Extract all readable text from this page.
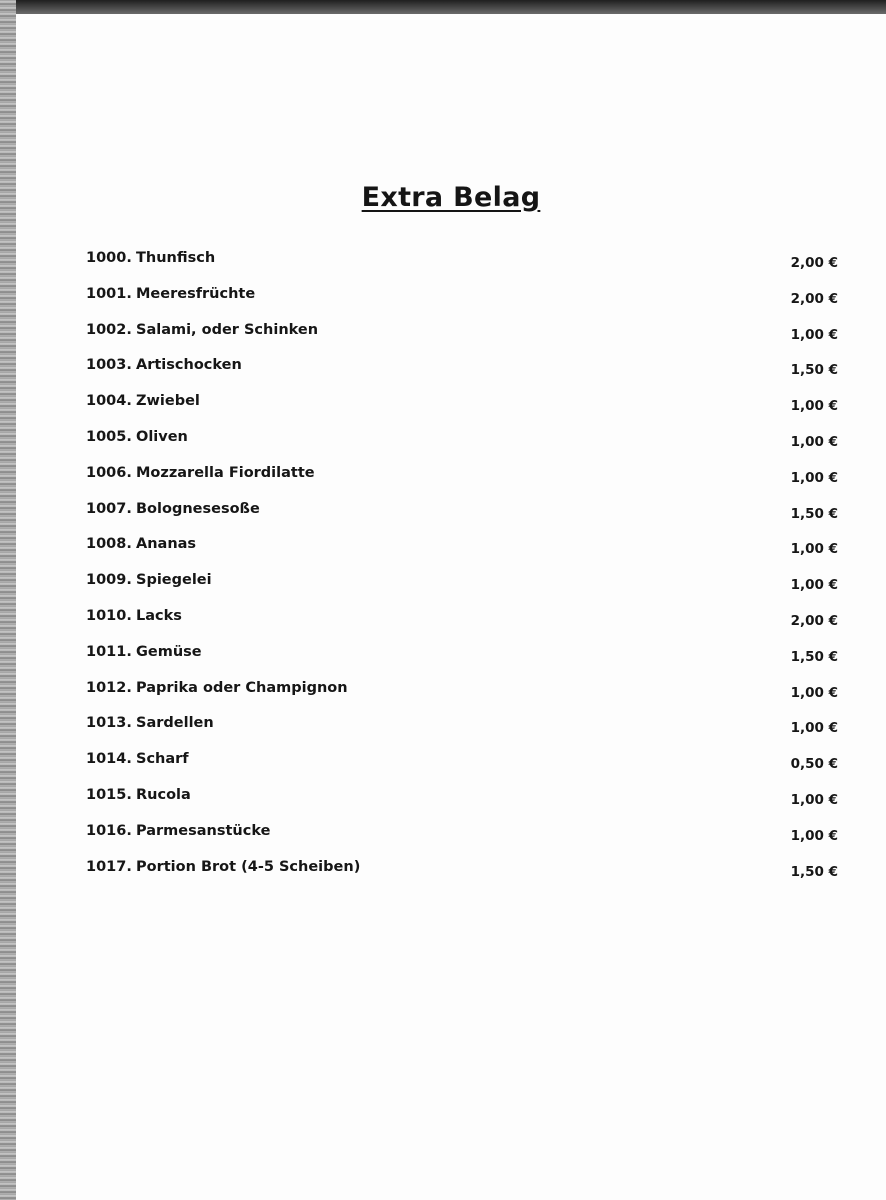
Extra Belag
1000. Thunfisch	2,00 €
1001. Meeresfrüchte	2,00 €
1002. Salami, oder Schinken	1,00 €
1003. Artischocken	1,50 €
1004. Zwiebel	1,00 €
1005. Oliven	1,00 €
1006. Mozzarella Fiordilatte	1,00 €
1007. Bolognesesoße	1,50 €
1008. Ananas	1,00 €
1009. Spiegelei	1,00 €
1010. Lacks	2,00 €
1011. Gemüse	1,50 €
1012. Paprika oder Champignon	1,00 €
1013. Sardellen	1,00 €
1014. Scharf	0,50 €
1015. Rucola	1,00 €
1016. Parmesanstücke	1,00 €
1017. Portion Brot (4-5 Scheiben)	1,50 €
